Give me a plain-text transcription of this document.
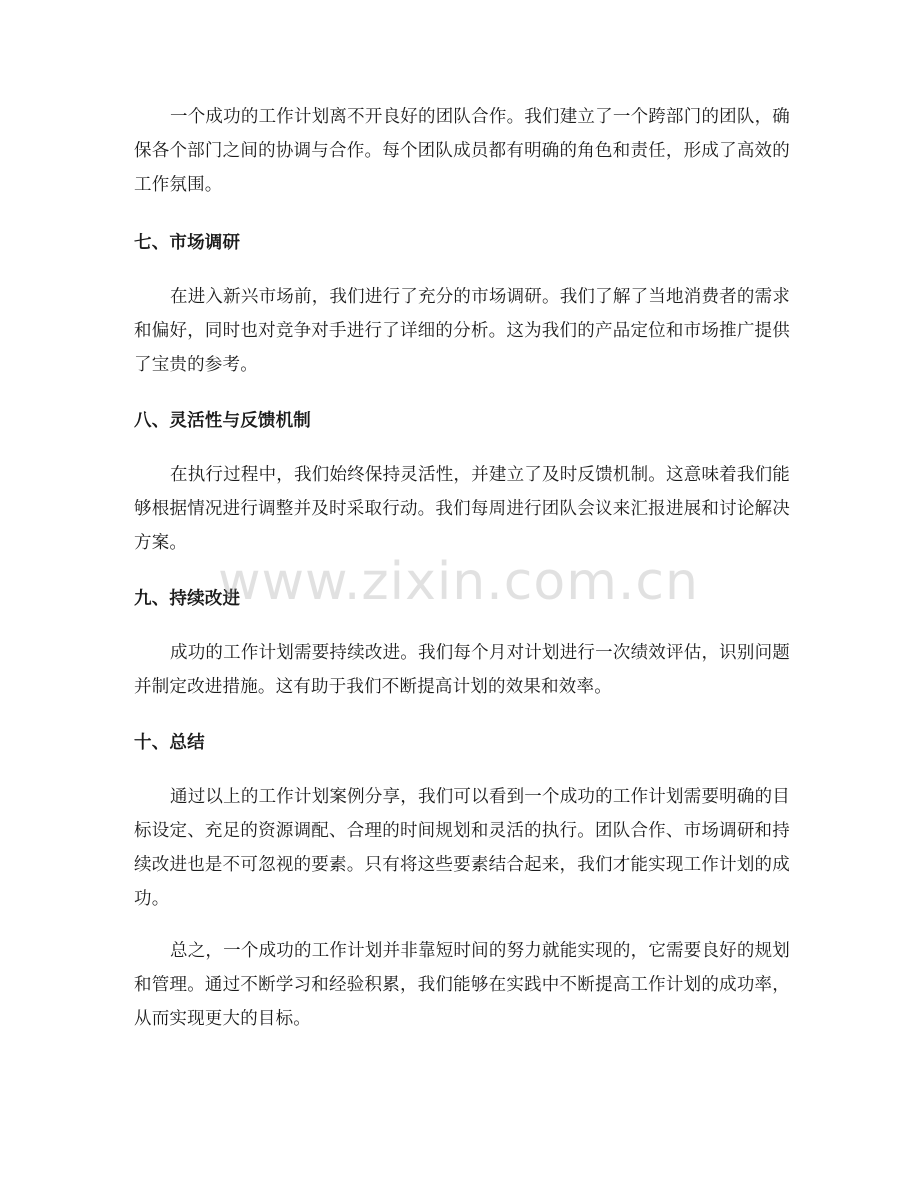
一个成功的工作计划离不开良好的团队合作。我们建立了一个跨部门的团队，确保各个部门之间的协调与合作。每个团队成员都有明确的角色和责任，形成了高效的工作氛围。

七、市场调研

在进入新兴市场前，我们进行了充分的市场调研。我们了解了当地消费者的需求和偏好，同时也对竞争对手进行了详细的分析。这为我们的产品定位和市场推广提供了宝贵的参考。

八、灵活性与反馈机制

在执行过程中，我们始终保持灵活性，并建立了及时反馈机制。这意味着我们能够根据情况进行调整并及时采取行动。我们每周进行团队会议来汇报进展和讨论解决方案。

九、持续改进

成功的工作计划需要持续改进。我们每个月对计划进行一次绩效评估，识别问题并制定改进措施。这有助于我们不断提高计划的效果和效率。

十、总结

通过以上的工作计划案例分享，我们可以看到一个成功的工作计划需要明确的目标设定、充足的资源调配、合理的时间规划和灵活的执行。团队合作、市场调研和持续改进也是不可忽视的要素。只有将这些要素结合起来，我们才能实现工作计划的成功。

总之，一个成功的工作计划并非靠短时间的努力就能实现的，它需要良好的规划和管理。通过不断学习和经验积累，我们能够在实践中不断提高工作计划的成功率，从而实现更大的目标。

www.zixin.com.cn
